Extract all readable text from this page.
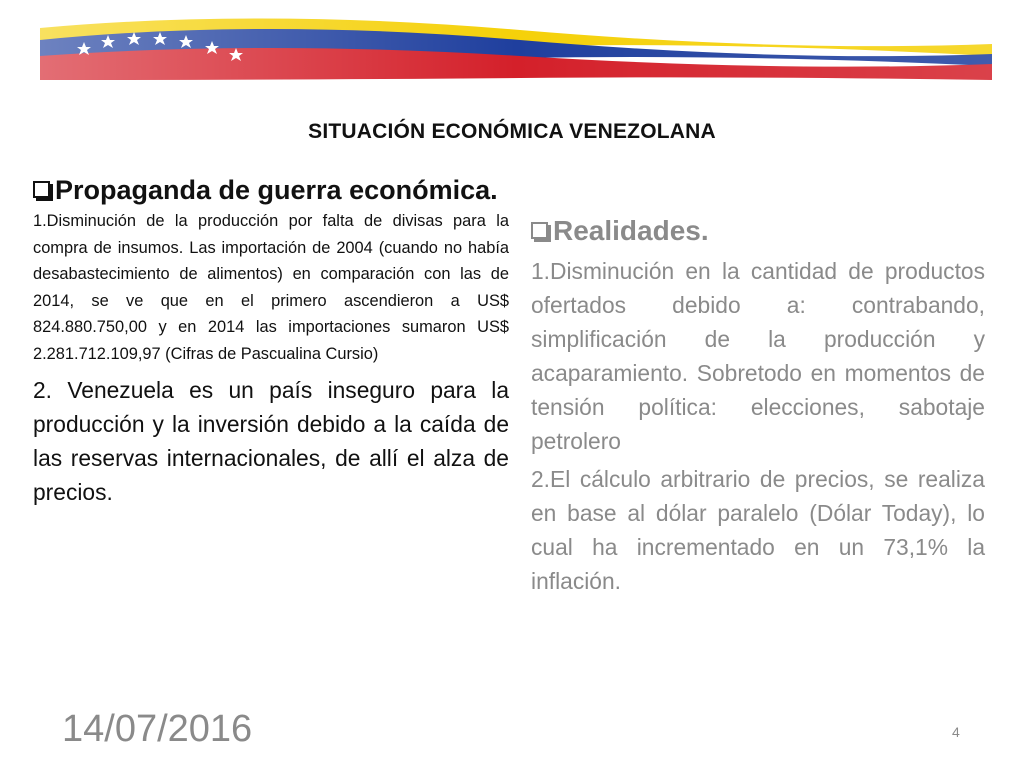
SITUACIÓN ECONÓMICA VENEZOLANA
Propaganda de guerra económica.

1.Disminución de la producción por falta de divisas para la compra de insumos. Las importación de 2004 (cuando no había desabastecimiento de alimentos) en comparación con las de 2014, se ve que en el primero ascendieron a US$ 824.880.750,00 y en 2014 las importaciones sumaron US$ 2.281.712.109,97 (Cifras de Pascualina Cursio)

2. Venezuela es un país inseguro para la producción y la inversión debido a la caída de las reservas internacionales, de allí el alza de precios.

Realidades.

1.Disminución en la cantidad de productos ofertados debido a: contrabando, simplificación de la producción y acaparamiento. Sobretodo en momentos de tensión política: elecciones, sabotaje petrolero

2.El cálculo arbitrario de precios, se realiza en base al dólar paralelo (Dólar Today), lo cual ha incrementado en un 73,1% la inflación.

14/07/2016	4
